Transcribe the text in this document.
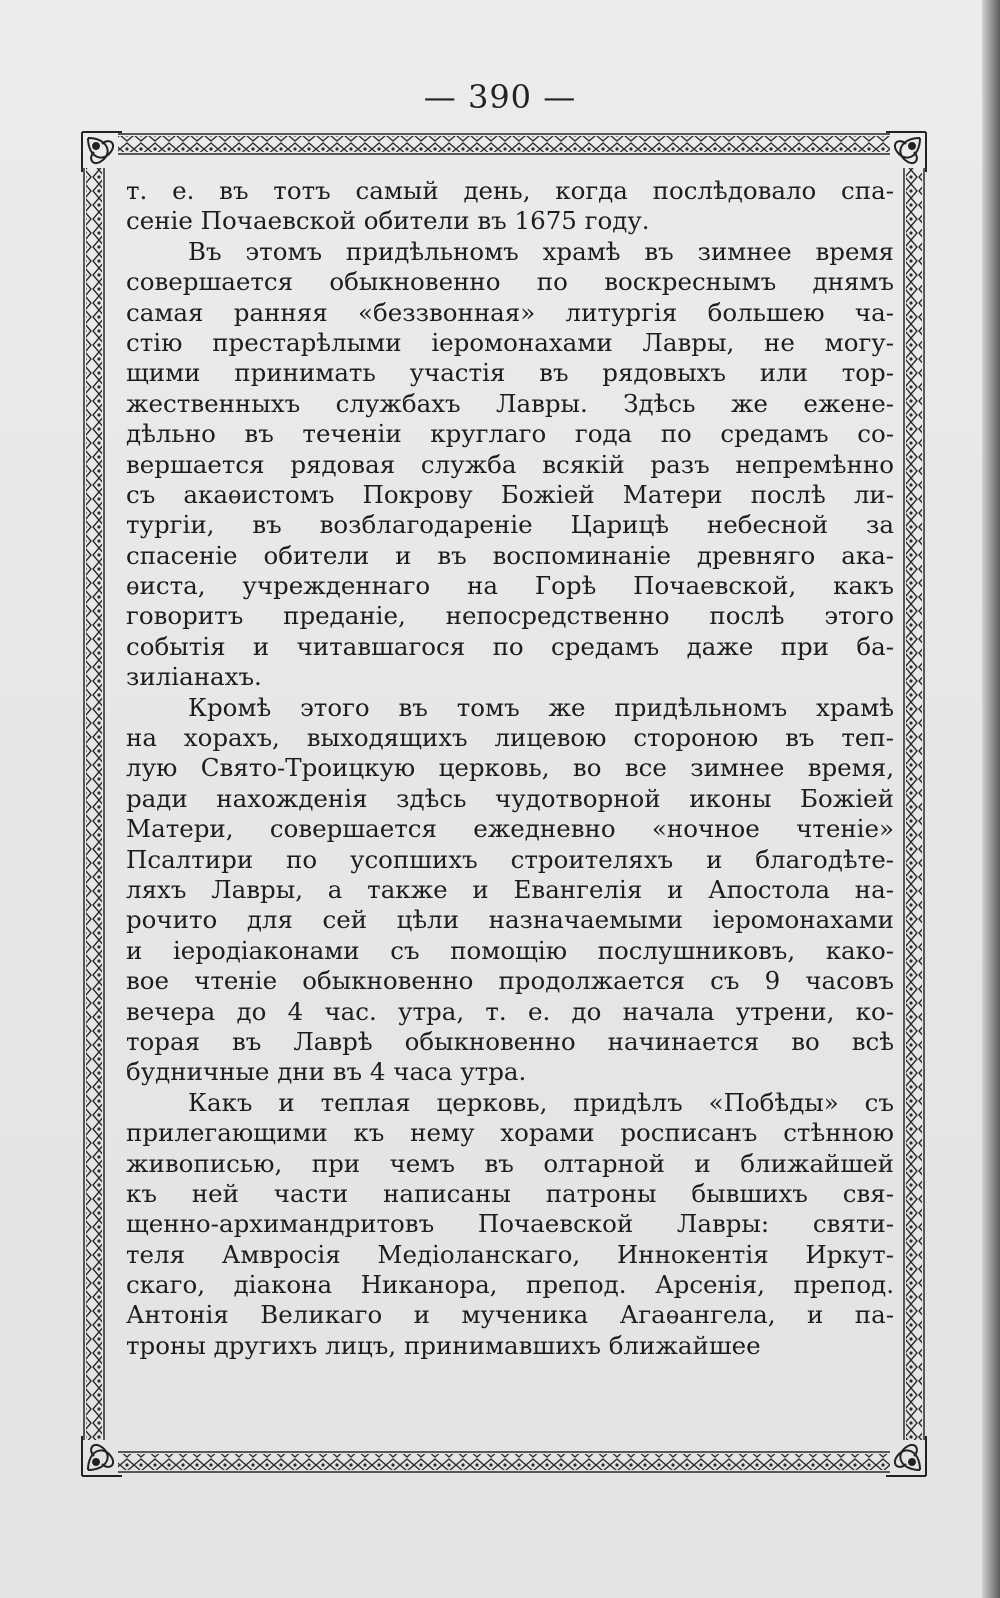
— 390 —
т. е. въ тотъ самый день, когда послѣдовало спа-
сеніе Почаевской обители въ 1675 году.
Въ этомъ придѣльномъ храмѣ въ зимнее время
совершается обыкновенно по воскреснымъ днямъ
самая ранняя «беззвонная» литургія большею ча-
стію престарѣлыми іеромонахами Лавры, не могу-
щими принимать участія въ рядовыхъ или тор-
жественныхъ службахъ Лавры. Здѣсь же еженe-
дѣльно въ теченіи круглаго года по средамъ со-
вершается рядовая служба всякій разъ непремѣнно
съ акаѳистомъ Покрову Божіей Матери послѣ ли-
тургіи, въ возблагодареніе Царицѣ небесной за
спасеніе обители и въ воспоминаніе древняго ака-
ѳиста, учрежденнаго на Горѣ Почаевской, какъ
говоритъ преданіе, непосредственно послѣ этого
событія и читавшагося по средамъ даже при ба-
зиліанахъ.
Кромѣ этого въ томъ же придѣльномъ храмѣ
на хорахъ, выходящихъ лицевою стороною въ теп-
лую Свято-Троицкую церковь, во все зимнее время,
ради нахожденія здѣсь чудотворной иконы Божіей
Матери, совершается ежедневно «ночное чтеніе»
Псалтири по усопшихъ строителяхъ и благодѣте-
ляхъ Лавры, а также и Евангелія и Апостола на-
рочито для сей цѣли назначаемыми іеромонахами
и іеродіаконами съ помощію послушниковъ, како-
вое чтеніе обыкновенно продолжается съ 9 часовъ
вечера до 4 час. утра, т. е. до начала утрени, ко-
торая въ Лаврѣ обыкновенно начинается во всѣ
будничные дни въ 4 часа утра.
Какъ и теплая церковь, придѣлъ «Побѣды» съ
прилегающими къ нему хорами росписанъ стѣнною
живописью, при чемъ въ олтарной и ближайшей
къ ней части написаны патроны бывшихъ свя-
щенно-архимандритовъ Почаевской Лавры: святи-
теля Амвросія Медіоланскаго, Иннокентія Иркут-
скаго, діакона Никанора, препод. Арсенія, препод.
Антонія Великаго и мученика Агаѳангела, и па-
троны другихъ лицъ, принимавшихъ ближайшее
